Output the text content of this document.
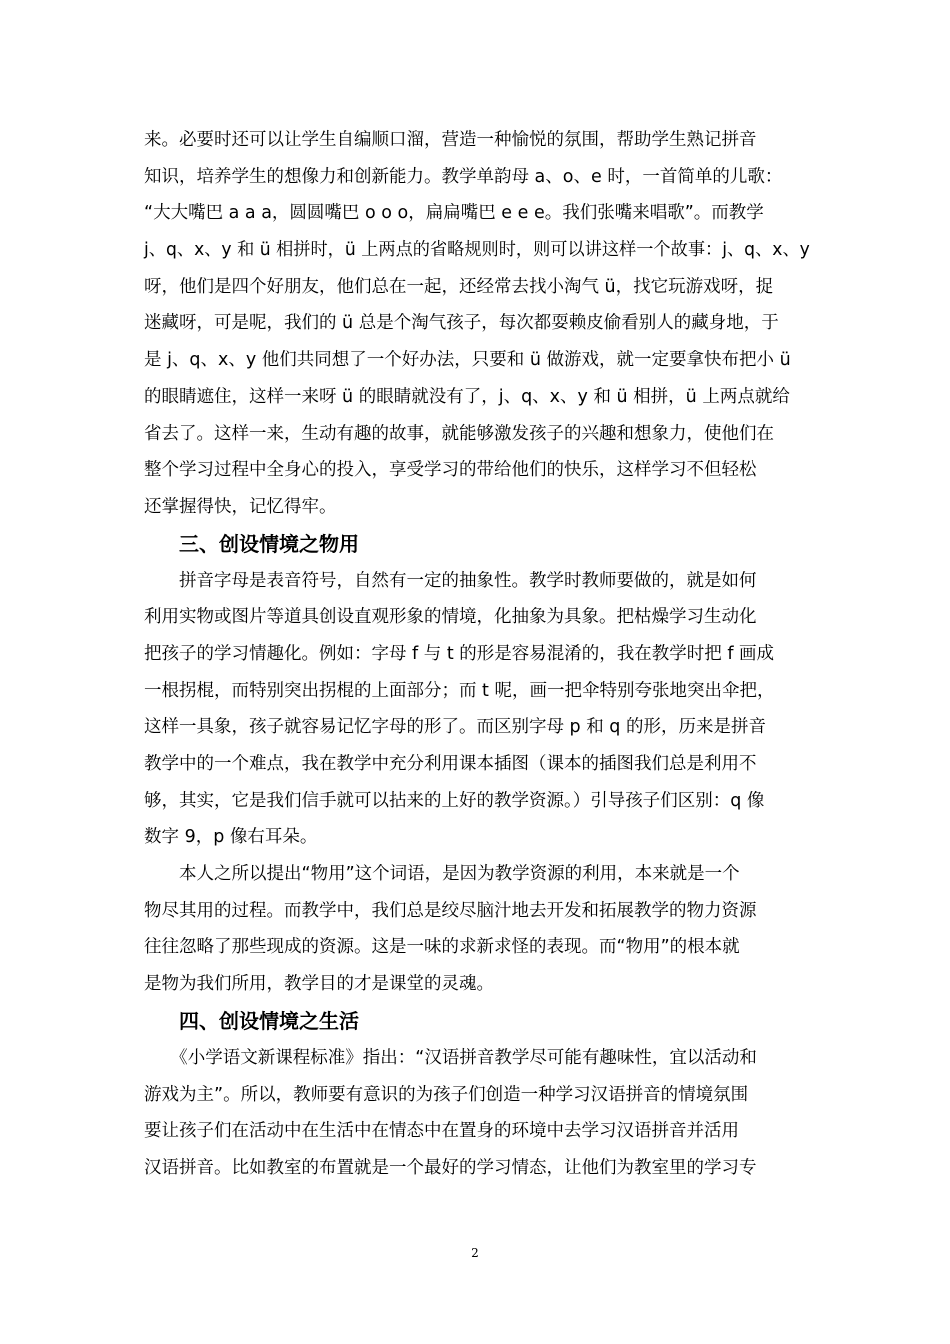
来。必要时还可以让学生自编顺口溜，营造一种愉悦的氛围，帮助学生熟记拼音
知识，培养学生的想像力和创新能力。教学单韵母 a、o、e 时，一首简单的儿歌：
“大大嘴巴 a a a，圆圆嘴巴 o o o，扁扁嘴巴 e e e。我们张嘴来唱歌”。而教学
j、q、x、y 和 ü 相拼时，ü 上两点的省略规则时，则可以讲这样一个故事：j、q、x、y
呀，他们是四个好朋友，他们总在一起，还经常去找小淘气 ü，找它玩游戏呀，捉
迷藏呀，可是呢，我们的 ü 总是个淘气孩子，每次都耍赖皮偷看别人的藏身地，于
是 j、q、x、y 他们共同想了一个好办法，只要和 ü 做游戏，就一定要拿快布把小 ü
的眼睛遮住，这样一来呀 ü 的眼睛就没有了，j、q、x、y 和 ü 相拼，ü 上两点就给
省去了。这样一来，生动有趣的故事，就能够激发孩子的兴趣和想象力，使他们在
整个学习过程中全身心的投入，享受学习的带给他们的快乐，这样学习不但轻松
还掌握得快，记忆得牢。
三、创设情境之物用
　　拼音字母是表音符号，自然有一定的抽象性。教学时教师要做的，就是如何
利用实物或图片等道具创设直观形象的情境，化抽象为具象。把枯燥学习生动化
把孩子的学习情趣化。例如：字母 f 与 t 的形是容易混淆的，我在教学时把 f 画成
一根拐棍，而特别突出拐棍的上面部分；而 t 呢，画一把伞特别夸张地突出伞把，
这样一具象，孩子就容易记忆字母的形了。而区别字母 p 和 q 的形，历来是拼音
教学中的一个难点，我在教学中充分利用课本插图（课本的插图我们总是利用不
够，其实，它是我们信手就可以拈来的上好的教学资源。）引导孩子们区别：q 像
数字 9，p 像右耳朵。
　　本人之所以提出“物用”这个词语，是因为教学资源的利用，本来就是一个
物尽其用的过程。而教学中，我们总是绞尽脑汁地去开发和拓展教学的物力资源
往往忽略了那些现成的资源。这是一味的求新求怪的表现。而“物用”的根本就
是物为我们所用，教学目的才是课堂的灵魂。
四、创设情境之生活
　　《小学语文新课程标准》指出：“汉语拼音教学尽可能有趣味性，宜以活动和
游戏为主”。所以，教师要有意识的为孩子们创造一种学习汉语拼音的情境氛围
要让孩子们在活动中在生活中在情态中在置身的环境中去学习汉语拼音并活用
汉语拼音。比如教室的布置就是一个最好的学习情态，让他们为教室里的学习专
2
